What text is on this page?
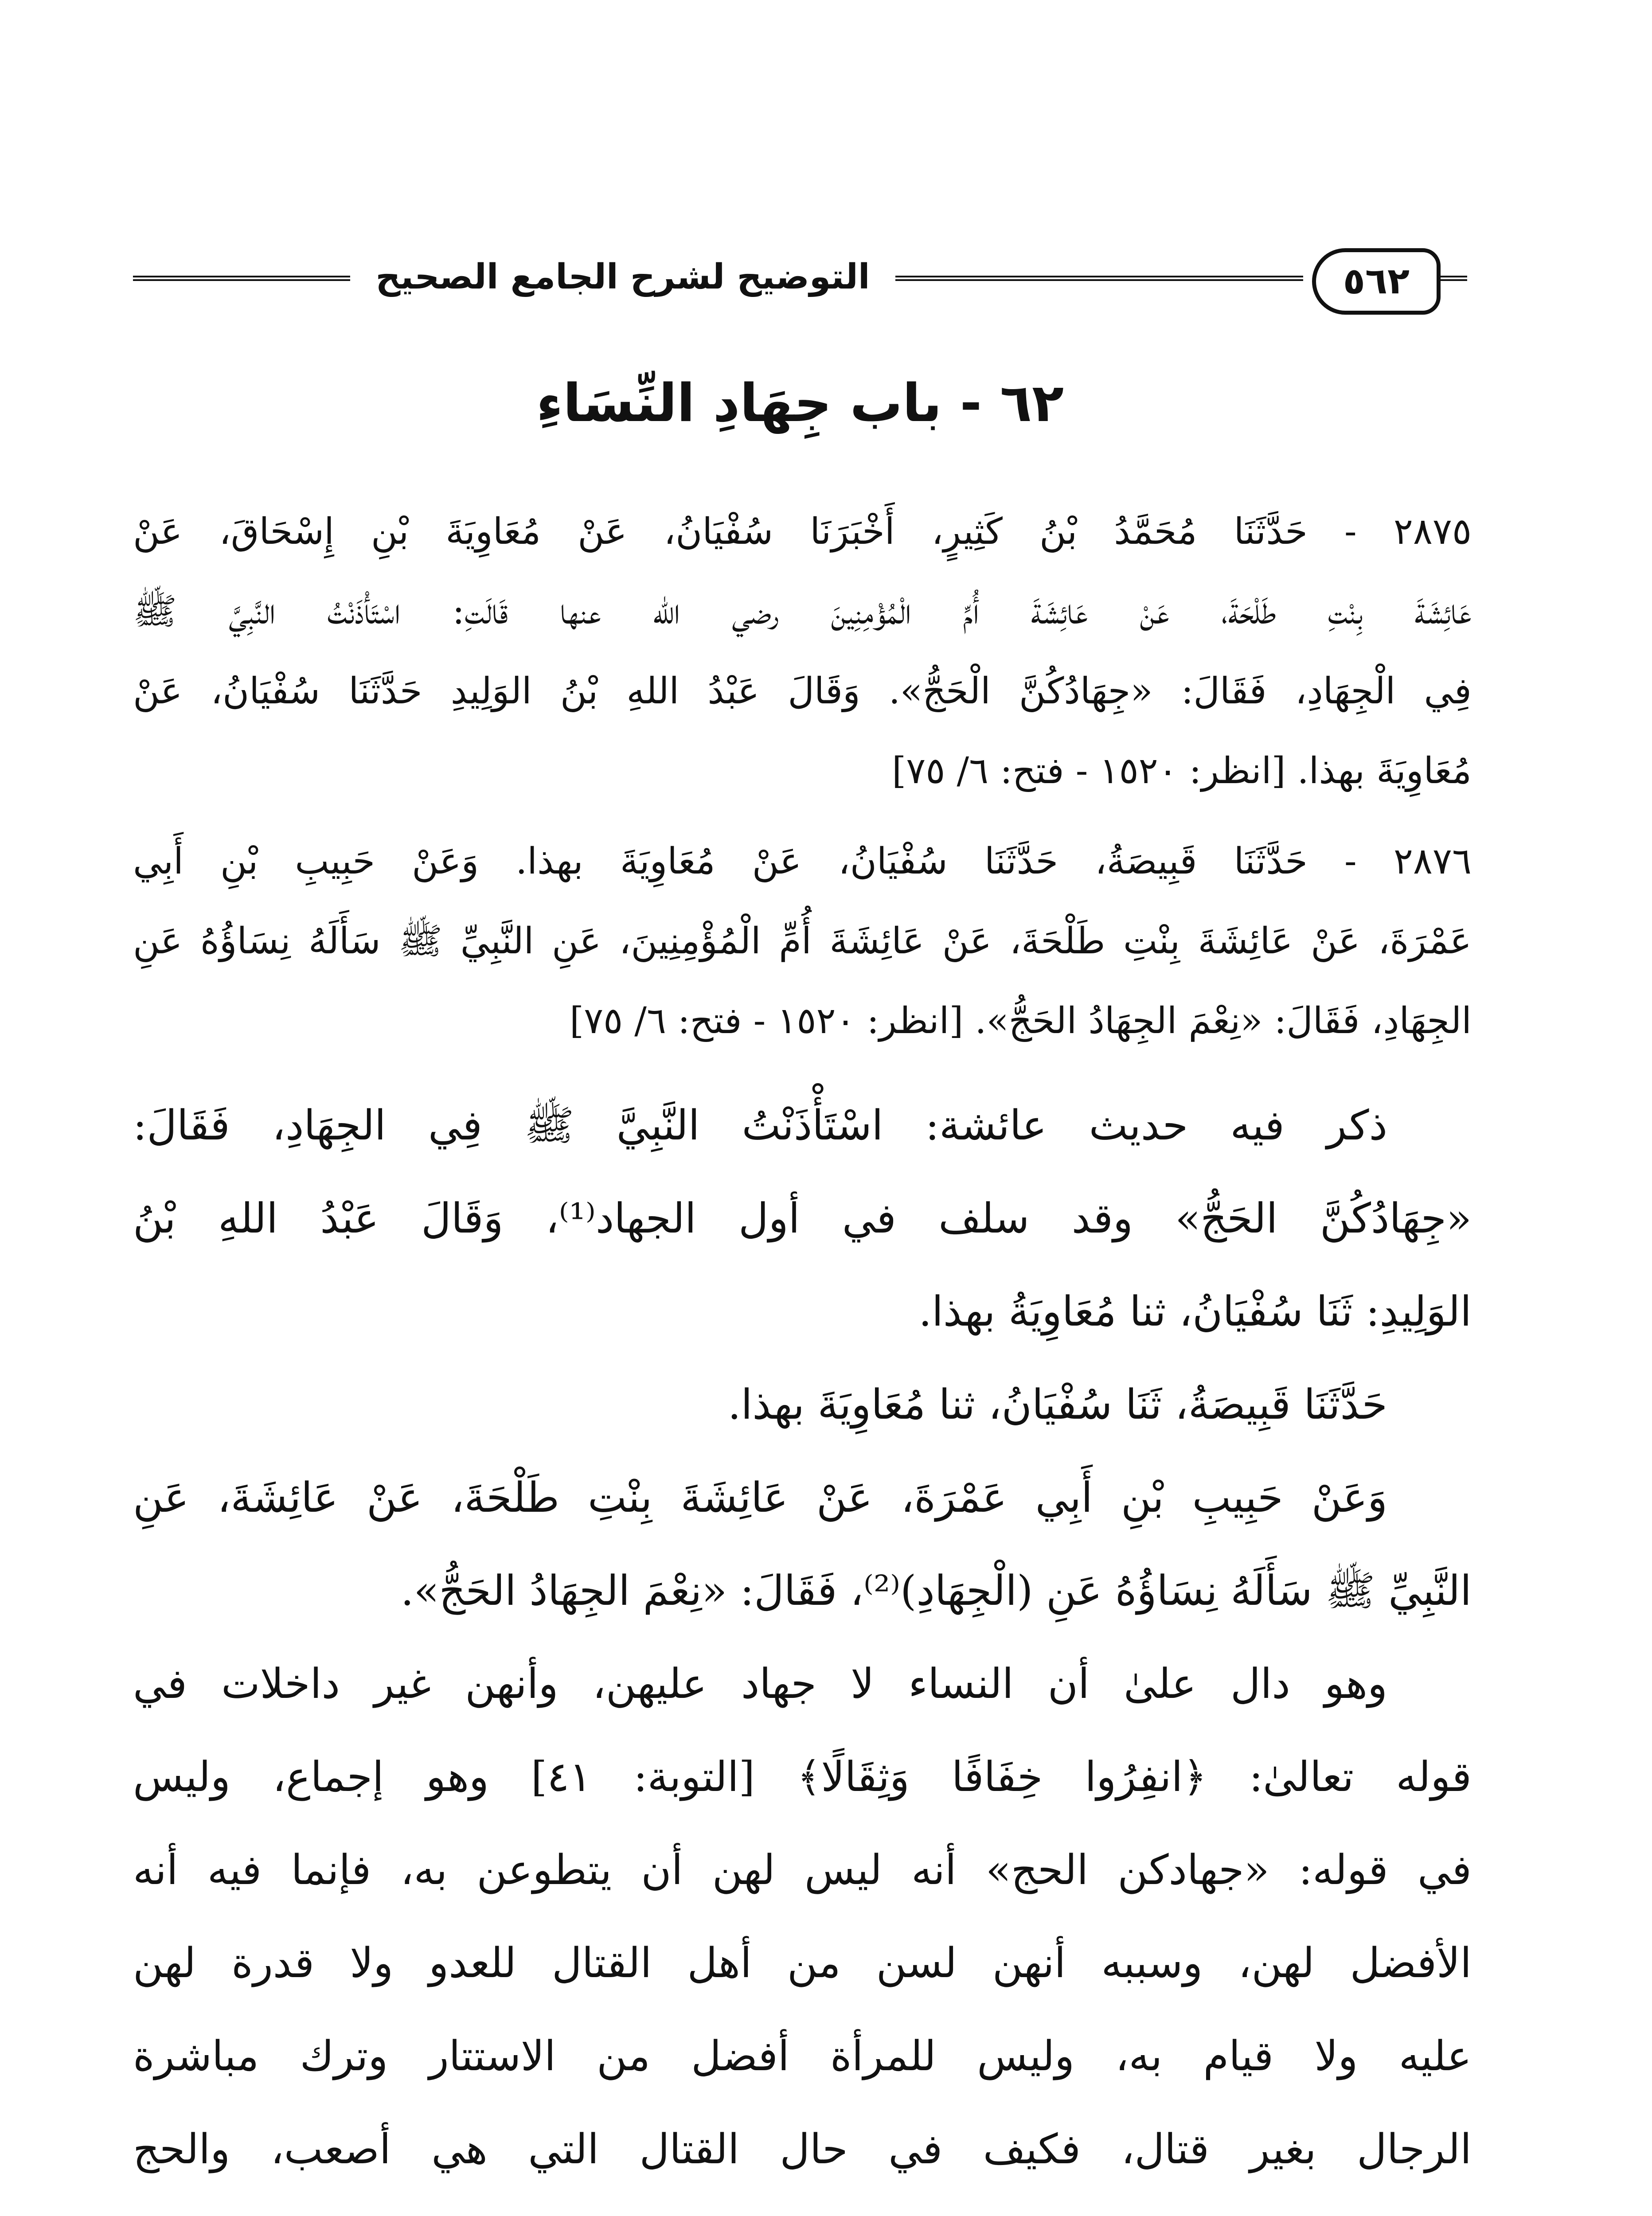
التوضيح لشرح الجامع الصحيح	٥٦٢
٦٢ - باب جِهَادِ النِّسَاءِ
٢٨٧٥ - حَدَّثَنَا مُحَمَّدُ بْنُ كَثِيرٍ، أَخْبَرَنَا سُفْيَانُ، عَنْ مُعَاوِيَةَ بْنِ إِسْحَاقَ، عَنْ
عَائِشَةَ بِنْتِ طَلْحَةَ، عَنْ عَائِشَةَ أُمِّ الْمُؤْمِنِينَ رضي الله عنها قَالَتِ: اسْتَأْذَنْتُ النَّبِيَّ ﷺ
فِي الْجِهَادِ، فَقَالَ: «جِهَادُكُنَّ الْحَجُّ». وَقَالَ عَبْدُ اللهِ بْنُ الوَلِيدِ حَدَّثَنَا سُفْيَانُ، عَنْ
مُعَاوِيَةَ بهذا. [انظر: ١٥٢٠ - فتح: ٦/ ٧٥]
٢٨٧٦ - حَدَّثَنَا قَبِيصَةُ، حَدَّثَنَا سُفْيَانُ، عَنْ مُعَاوِيَةَ بهذا. وَعَنْ حَبِيبِ بْنِ أَبِي
عَمْرَةَ، عَنْ عَائِشَةَ بِنْتِ طَلْحَةَ، عَنْ عَائِشَةَ أُمِّ الْمُؤْمِنِينَ، عَنِ النَّبِيِّ ﷺ سَأَلَهُ نِسَاؤُهُ عَنِ
الجِهَادِ، فَقَالَ: «نِعْمَ الجِهَادُ الحَجُّ». [انظر: ١٥٢٠ - فتح: ٦/ ٧٥]
ذكر فيه حديث عائشة: اسْتَأْذَنْتُ النَّبِيَّ ﷺ فِي الجِهَادِ، فَقَالَ:
«جِهَادُكُنَّ الحَجُّ» وقد سلف في أول الجهاد⁽¹⁾، وَقَالَ عَبْدُ اللهِ بْنُ
الوَلِيدِ: ثَنَا سُفْيَانُ، ثنا مُعَاوِيَةُ بهذا.
حَدَّثَنَا قَبِيصَةُ، ثَنَا سُفْيَانُ، ثنا مُعَاوِيَةَ بهذا.
وَعَنْ حَبِيبِ بْنِ أَبِي عَمْرَةَ، عَنْ عَائِشَةَ بِنْتِ طَلْحَةَ، عَنْ عَائِشَةَ، عَنِ
النَّبِيِّ ﷺ سَأَلَهُ نِسَاؤُهُ عَنِ (الْجِهَادِ)⁽²⁾، فَقَالَ: «نِعْمَ الجِهَادُ الحَجُّ».
وهو دال علىٰ أن النساء لا جهاد عليهن، وأنهن غير داخلات في
قوله تعالىٰ: ﴿انفِرُوا خِفَافًا وَثِقَالًا﴾ [التوبة: ٤١] وهو إجماع، وليس
في قوله: «جهادكن الحج» أنه ليس لهن أن يتطوعن به، فإنما فيه أنه
الأفضل لهن، وسببه أنهن لسن من أهل القتال للعدو ولا قدرة لهن
عليه ولا قيام به، وليس للمرأة أفضل من الاستتار وترك مباشرة
الرجال بغير قتال، فكيف في حال القتال التي هي أصعب، والحج
